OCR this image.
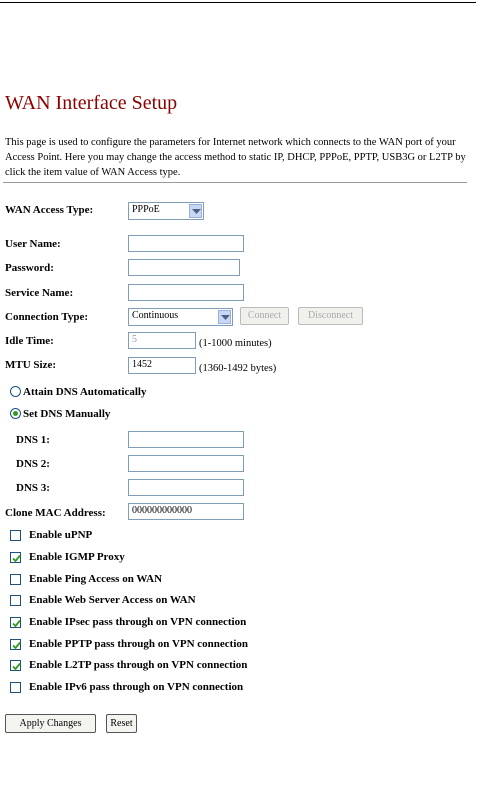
WAN Interface Setup
This page is used to configure the parameters for Internet network which connects to the WAN port of your Access Point. Here you may change the access method to static IP, DHCP, PPPoE, PPTP, USB3G or L2TP by click the item value of WAN Access type.
WAN Access Type:	PPPoE
User Name:
Password:
Service Name:
Connection Type:	Continuous	Connect	Disconnect
Idle Time:	5	(1-1000 minutes)
MTU Size:	1452	(1360-1492 bytes)
Attain DNS Automatically
Set DNS Manually
DNS 1:
DNS 2:
DNS 3:
Clone MAC Address:	000000000000
Enable uPNP
Enable IGMP Proxy
Enable Ping Access on WAN
Enable Web Server Access on WAN
Enable IPsec pass through on VPN connection
Enable PPTP pass through on VPN connection
Enable L2TP pass through on VPN connection
Enable IPv6 pass through on VPN connection
Apply Changes	Reset
